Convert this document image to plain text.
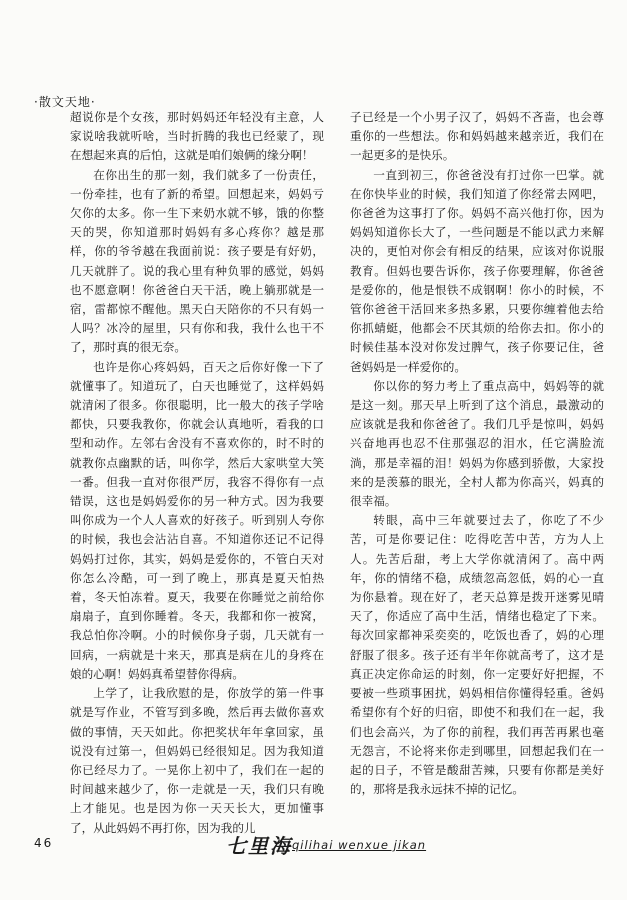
·散文天地·

超说你是个女孩，那时妈妈还年轻没有主意，人家说啥我就听啥，当时折腾的我也已经蒙了，现在想起来真的后怕，这就是咱们娘俩的缘分啊！

在你出生的那一刻，我们就多了一份责任，一份牵挂，也有了新的希望。回想起来，妈妈亏欠你的太多。你一生下来奶水就不够，饿的你整天的哭，你知道那时妈妈有多心疼你？越是那样，你的爷爷越在我面前说：孩子要是有好奶，几天就胖了。说的我心里有种负罪的感觉，妈妈也不愿意啊！你爸爸白天干活，晚上躺那就是一宿，雷都惊不醒他。黑天白天陪你的不只有妈一人吗？冰冷的屋里，只有你和我，我什么也干不了，那时真的很无奈。

也许是你心疼妈妈，百天之后你好像一下了就懂事了。知道玩了，白天也睡觉了，这样妈妈就清闲了很多。你很聪明，比一般大的孩子学啥都快，只要我教你，你就会认真地听，看我的口型和动作。左邻右舍没有不喜欢你的，时不时的就教你点幽默的话，叫你学，然后大家哄堂大笑一番。但我一直对你很严厉，我容不得你有一点错误，这也是妈妈爱你的另一种方式。因为我要叫你成为一个人人喜欢的好孩子。听到别人夸你的时候，我也会沾沾自喜。不知道你还记不记得妈妈打过你，其实，妈妈是爱你的，不管白天对你怎么冷酷，可一到了晚上，那真是夏天怕热着，冬天怕冻着。夏天，我要在你睡觉之前给你扇扇子，直到你睡着。冬天，我都和你一被窝，我总怕你冷啊。小的时候你身子弱，几天就有一回病，一病就是十来天，那真是病在儿的身疼在娘的心啊！妈妈真希望替你得病。

上学了，让我欣慰的是，你放学的第一件事就是写作业，不管写到多晚，然后再去做你喜欢做的事情，天天如此。你把奖状年年拿回家，虽说没有过第一，但妈妈已经很知足。因为我知道你已经尽力了。一晃你上初中了，我们在一起的时间越来越少了，你一走就是一天，我们只有晚上才能见。也是因为你一天天长大，更加懂事了，从此妈妈不再打你，因为我的儿

子已经是一个小男子汉了，妈妈不吝啬，也会尊重你的一些想法。你和妈妈越来越亲近，我们在一起更多的是快乐。

一直到初三，你爸爸没有打过你一巴掌。就在你快毕业的时候，我们知道了你经常去网吧，你爸爸为这事打了你。妈妈不高兴他打你，因为妈妈知道你长大了，一些问题是不能以武力来解决的，更怕对你会有相反的结果，应该对你说服教育。但妈也要告诉你，孩子你要理解，你爸爸是爱你的，他是恨铁不成钢啊！你小的时候，不管你爸爸干活回来多热多累，只要你缠着他去给你抓蜻蜓，他都会不厌其烦的给你去扣。你小的时候佳基本没对你发过脾气，孩子你要记住，爸爸妈妈是一样爱你的。

你以你的努力考上了重点高中，妈妈等的就是这一刻。那天早上听到了这个消息，最激动的应该就是我和你爸爸了。我们几乎是惊叫，妈妈兴奋地再也忍不住那强忍的泪水，任它满脸流淌，那是幸福的泪！妈妈为你感到骄傲，大家投来的是羡慕的眼光，全村人都为你高兴，妈真的很幸福。

转眼，高中三年就要过去了，你吃了不少苦，可是你要记住：吃得吃苦中苦，方为人上人。先苦后甜，考上大学你就清闲了。高中两年，你的情绪不稳，成绩忽高忽低，妈的心一直为你悬着。现在好了，老天总算是拨开迷雾见晴天了，你适应了高中生活，情绪也稳定了下来。每次回家都神采奕奕的，吃饭也香了，妈的心理舒服了很多。孩子还有半年你就高考了，这才是真正决定你命运的时刻，你一定要好好把握，不要被一些琐事困扰，妈妈相信你懂得轻重。爸妈希望你有个好的归宿，即使不和我们在一起，我们也会高兴，为了你的前程，我们再苦再累也毫无怨言，不论将来你走到哪里，回想起我们在一起的日子，不管是酸甜苦辣，只要有你都是美好的，那将是我永远抹不掉的记忆。

46	七里海 qilihai wenxue jikan
